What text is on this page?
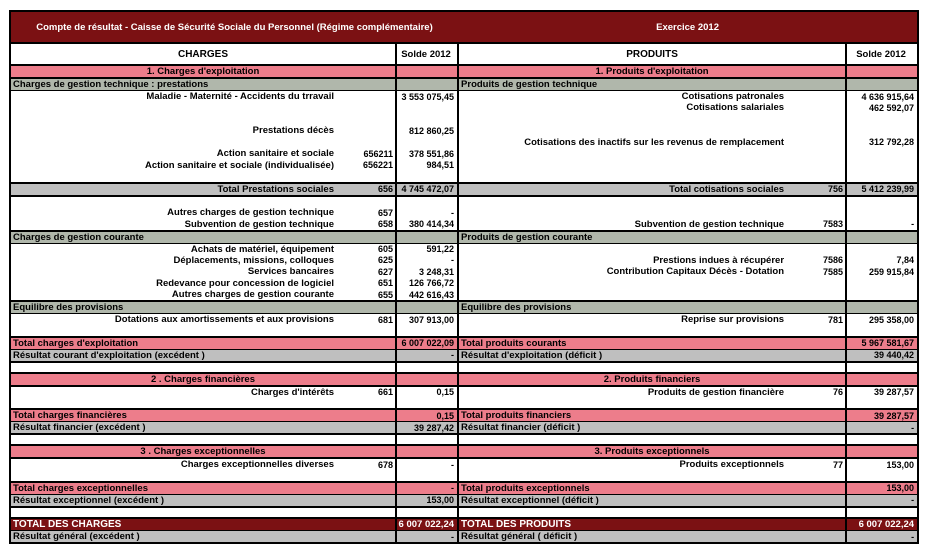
Compte de résultat - Caisse de Sécurité Sociale du Personnel (Régime complémentaire)			Exercice 2012		
CHARGES		Solde 2012	PRODUITS		Solde 2012
1. Charges d'exploitation			1. Produits d'exploitation		
Charges de gestion technique : prestations			Produits de gestion technique		
Maladie - Maternité - Accidents du trravail		3 553 075,45	Cotisations patronales		4 636 915,64
			Cotisations salariales		462 592,07

Prestations décès		812 860,25			
			Cotisations des inactifs sur les revenus de remplacement		312 792,28
Action sanitaire et sociale	656211	378 551,86			
Action sanitaire et sociale (individualisée)	656221	984,51			

Total Prestations sociales	656	4 745 472,07	Total cotisations sociales	756	5 412 239,99

Autres charges de gestion technique	657	-			
Subvention de gestion technique	658	380 414,34	Subvention de gestion technique	7583	-
Charges de gestion courante			Produits de gestion courante		
Achats de matériel, équipement	605	591,22			
Déplacements, missions, colloques	625	-	Prestions indues à récupérer	7586	7,84
Services bancaires	627	3 248,31	Contribution Capitaux Décès - Dotation	7585	259 915,84
Redevance pour concession de logiciel	651	126 766,72			
Autres charges de gestion courante	655	442 616,43			
Equilibre des provisions			Equilibre des provisions		
Dotations aux amortissements et aux provisions	681	307 913,00	Reprise sur provisions	781	295 358,00

Total charges d'exploitation		6 007 022,09	Total produits courants		5 967 581,67
Résultat courant d'exploitation (excédent )		-	Résultat d'exploitation (déficit )		39 440,42

2 . Charges financières			2. Produits financiers		
Charges d'intérêts	661	0,15	Produits de gestion financière	76	39 287,57

Total charges financières		0,15	Total produits financiers		39 287,57
Résultat financier (excédent )		39 287,42	Résultat financier (déficit )		-

3 . Charges exceptionnelles			3. Produits exceptionnels		
Charges exceptionnelles diverses	678	-	Produits exceptionnels	77	153,00

Total charges exceptionnelles		-	Total produits exceptionnels		153,00
Résultat exceptionnel (excédent )		153,00	Résultat exceptionnel (déficit )		-

TOTAL DES CHARGES		6 007 022,24	TOTAL DES PRODUITS		6 007 022,24
Résultat général (excédent )		-	Résultat général ( déficit )		-
